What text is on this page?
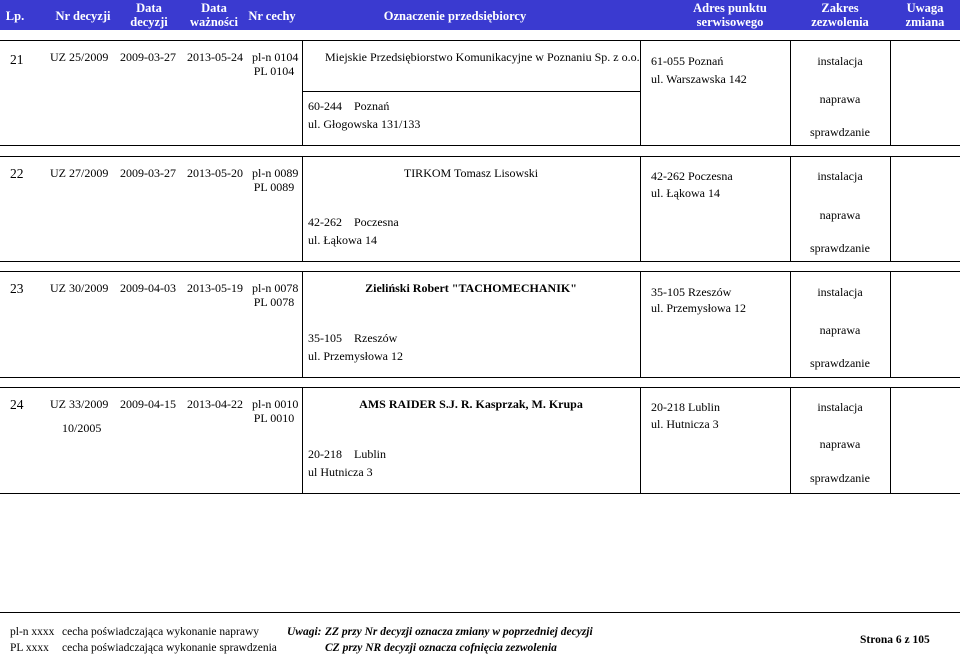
Lp.	Nr decyzji
Data
decyzji
Data
ważności Nr cechy	Oznaczenie przedsiębiorcy
Adres punktu
serwisowego
Zakres
zezwolenia
Uwaga
zmiana
21 UZ 25/2009 2009-03-27 2013-05-24 pl-n 0104
PL 0104
Miejskie Przedsiębiorstwo Komunikacyjne w Poznaniu Sp. z o.o.
60-244    Poznań
ul. Głogowska 131/133
61-055 Poznań
ul. Warszawska 142
instalacja
naprawa
sprawdzanie
22 UZ 27/2009 2009-03-27 2013-05-20 pl-n 0089
PL 0089
TIRKOM Tomasz Lisowski
42-262    Poczesna
ul. Łąkowa 14
42-262 Poczesna
ul. Łąkowa 14
instalacja
naprawa
sprawdzanie
23 UZ 30/2009 2009-04-03 2013-05-19 pl-n 0078
PL 0078
Zieliński Robert "TACHOMECHANIK"
35-105    Rzeszów
ul. Przemysłowa 12
35-105 Rzeszów
ul. Przemysłowa 12
instalacja
naprawa
sprawdzanie
24 UZ 33/2009
10/2005
2009-04-15 2013-04-22 pl-n 0010
PL 0010
AMS RAIDER S.J. R. Kasprzak, M. Krupa
20-218    Lublin
ul Hutnicza 3
20-218 Lublin
ul. Hutnicza 3
instalacja
naprawa
sprawdzanie
pl-n xxxx cecha poświadczająca wykonanie naprawy
PL xxxx cecha poświadczająca wykonanie sprawdzenia
Uwagi: ZZ przy Nr decyzji oznacza zmiany w poprzedniej decyzji
CZ przy NR decyzji oznacza cofnięcia zezwolenia
Strona 6 z 105
